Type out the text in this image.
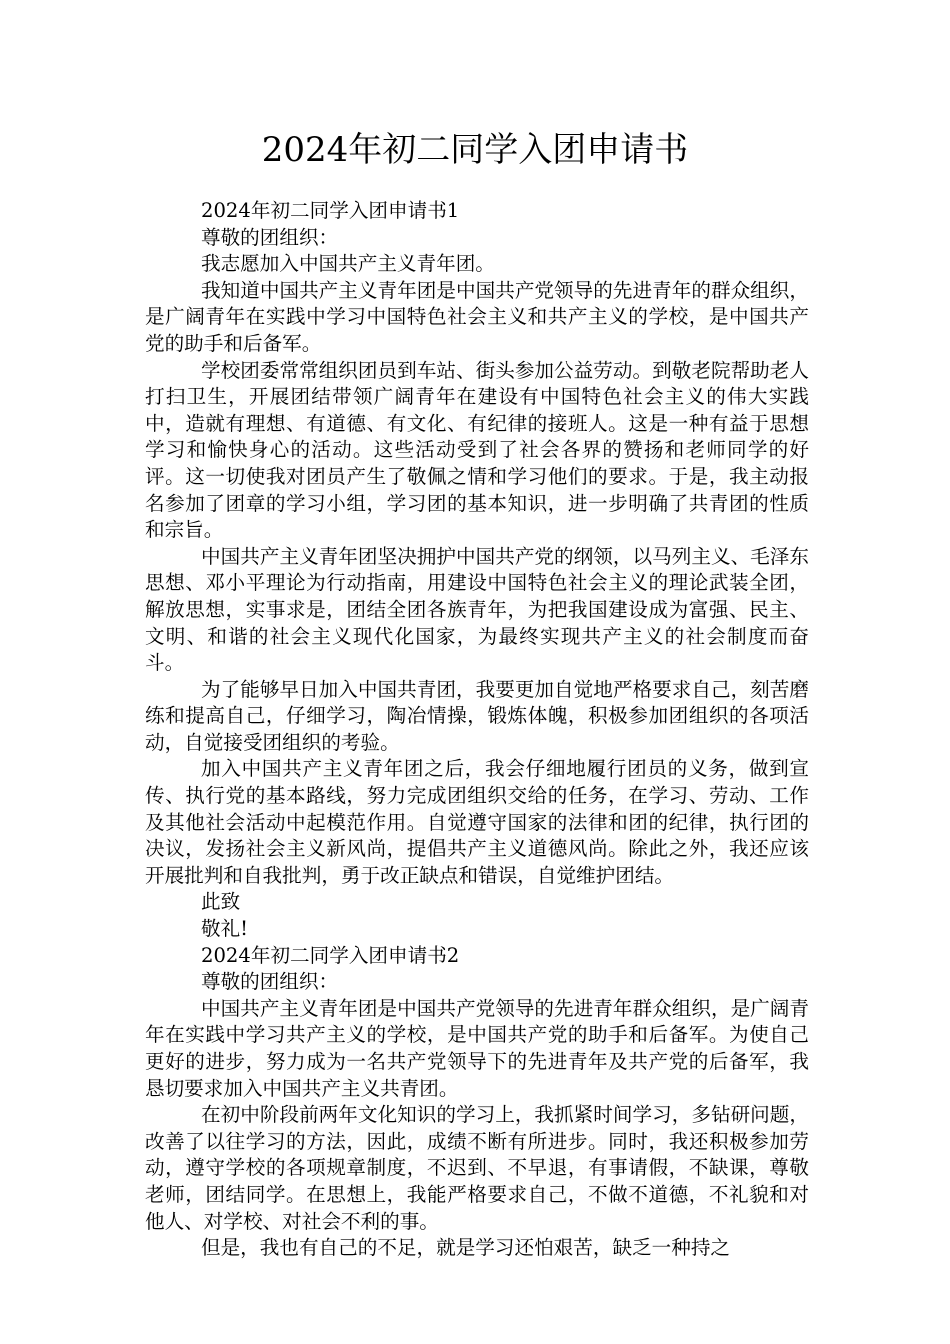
2024年初二同学入团申请书

2024年初二同学入团申请书1

尊敬的团组织：

我志愿加入中国共产主义青年团。

我知道中国共产主义青年团是中国共产党领导的先进青年的群众组织，是广阔青年在实践中学习中国特色社会主义和共产主义的学校，是中国共产党的助手和后备军。

学校团委常常组织团员到车站、街头参加公益劳动。到敬老院帮助老人打扫卫生，开展团结带领广阔青年在建设有中国特色社会主义的伟大实践中，造就有理想、有道德、有文化、有纪律的接班人。这是一种有益于思想学习和愉快身心的活动。这些活动受到了社会各界的赞扬和老师同学的好评。这一切使我对团员产生了敬佩之情和学习他们的要求。于是，我主动报名参加了团章的学习小组，学习团的基本知识，进一步明确了共青团的性质和宗旨。

中国共产主义青年团坚决拥护中国共产党的纲领，以马列主义、毛泽东思想、邓小平理论为行动指南，用建设中国特色社会主义的理论武装全团，解放思想，实事求是，团结全团各族青年，为把我国建设成为富强、民主、文明、和谐的社会主义现代化国家，为最终实现共产主义的社会制度而奋斗。

为了能够早日加入中国共青团，我要更加自觉地严格要求自己，刻苦磨练和提高自己，仔细学习，陶冶情操，锻炼体魄，积极参加团组织的各项活动，自觉接受团组织的考验。

加入中国共产主义青年团之后，我会仔细地履行团员的义务，做到宣传、执行党的基本路线，努力完成团组织交给的任务，在学习、劳动、工作及其他社会活动中起模范作用。自觉遵守国家的法律和团的纪律，执行团的决议，发扬社会主义新风尚，提倡共产主义道德风尚。除此之外，我还应该开展批判和自我批判，勇于改正缺点和错误，自觉维护团结。

此致

敬礼!

2024年初二同学入团申请书2

尊敬的团组织：

中国共产主义青年团是中国共产党领导的先进青年群众组织，是广阔青年在实践中学习共产主义的学校，是中国共产党的助手和后备军。为使自己更好的进步，努力成为一名共产党领导下的先进青年及共产党的后备军，我恳切要求加入中国共产主义共青团。

在初中阶段前两年文化知识的学习上，我抓紧时间学习，多钻研问题，改善了以往学习的方法，因此，成绩不断有所进步。同时，我还积极参加劳动，遵守学校的各项规章制度，不迟到、不早退，有事请假，不缺课，尊敬老师，团结同学。在思想上，我能严格要求自己，不做不道德，不礼貌和对他人、对学校、对社会不利的事。

但是，我也有自己的不足，就是学习还怕艰苦，缺乏一种持之
